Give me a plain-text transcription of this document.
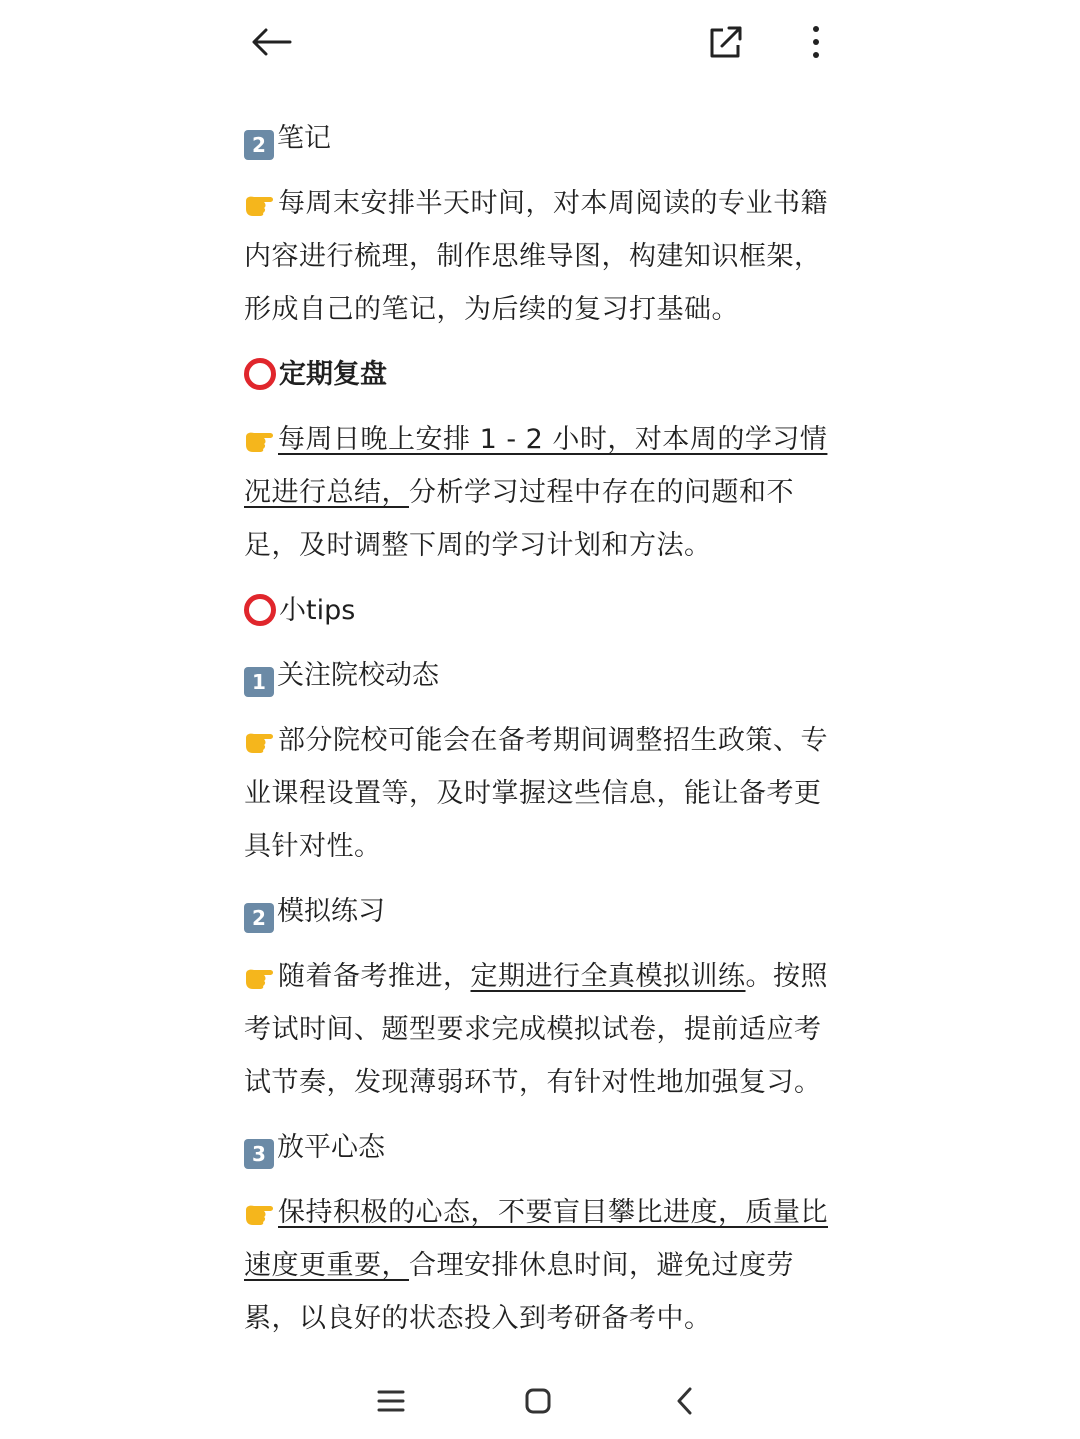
2 笔记

每周末安排半天时间，对本周阅读的专业书籍
内容进行梳理，制作思维导图，构建知识框架，
形成自己的笔记，为后续的复习打基础。

定期复盘

每周日晚上安排 1 - 2 小时，对本周的学习情
况进行总结，分析学习过程中存在的问题和不
足，及时调整下周的学习计划和方法。

小tips

1 关注院校动态

部分院校可能会在备考期间调整招生政策、专
业课程设置等，及时掌握这些信息，能让备考更
具针对性。

2 模拟练习

随着备考推进，定期进行全真模拟训练。按照
考试时间、题型要求完成模拟试卷，提前适应考
试节奏，发现薄弱环节，有针对性地加强复习。

3 放平心态

保持积极的心态，不要盲目攀比进度，质量比
速度更重要，合理安排休息时间，避免过度劳
累，以良好的状态投入到考研备考中。
